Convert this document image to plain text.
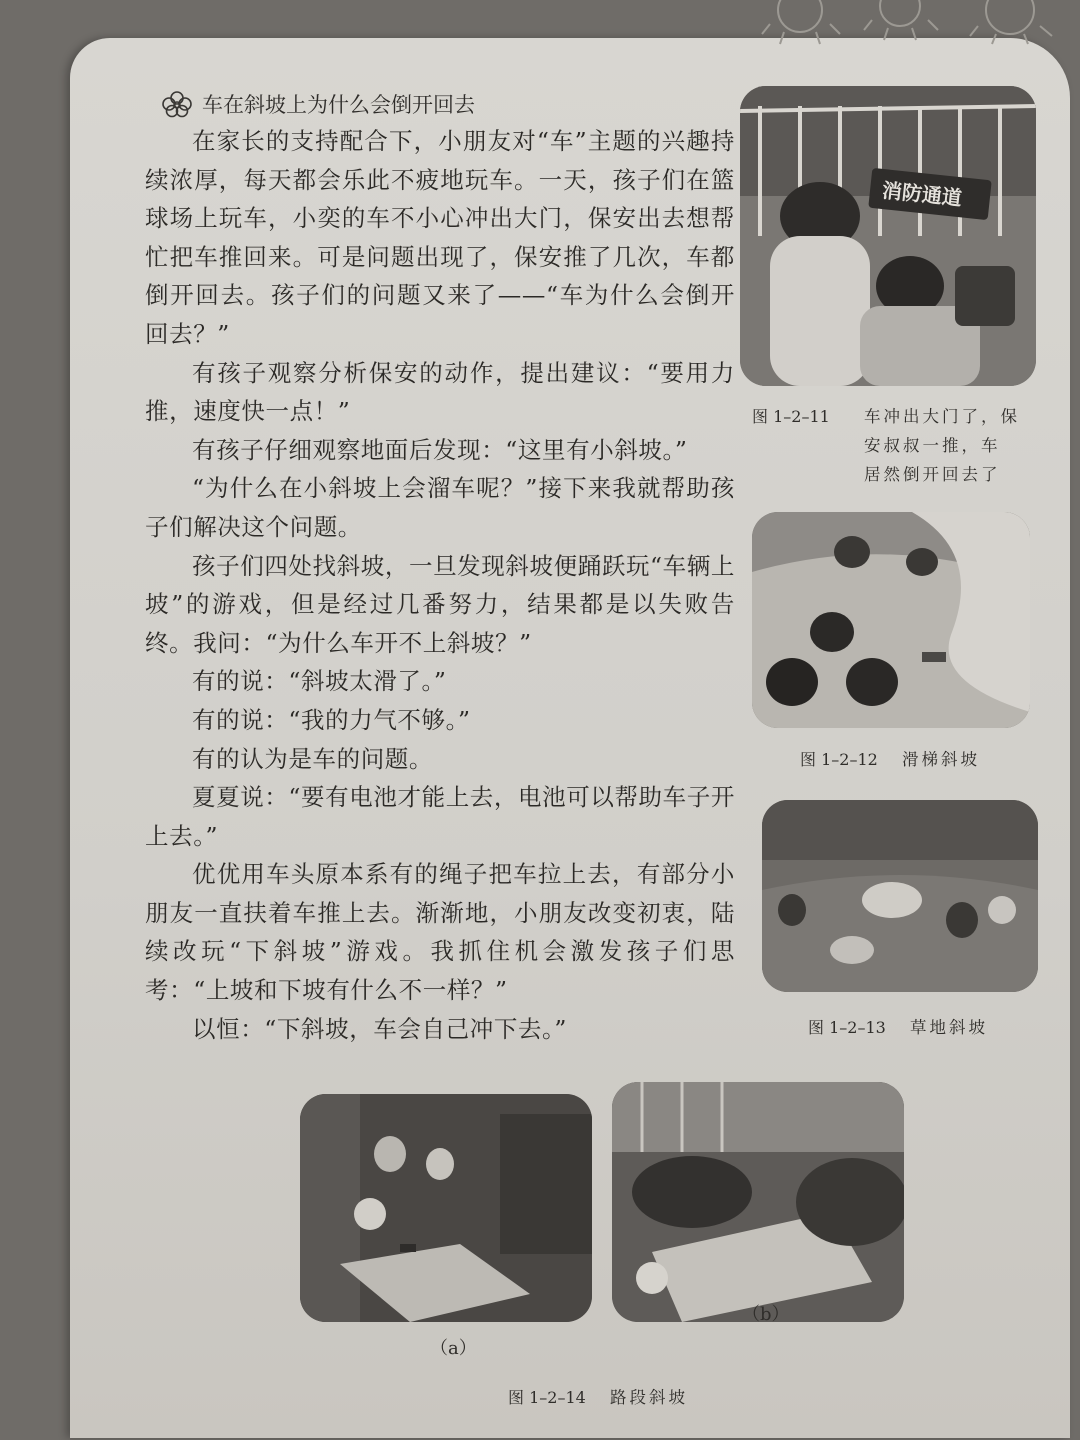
车在斜坡上为什么会倒开回去

在家长的支持配合下，小朋友对“车”主题的兴趣持续浓厚，每天都会乐此不疲地玩车。一天，孩子们在篮球场上玩车，小奕的车不小心冲出大门，保安出去想帮忙把车推回来。可是问题出现了，保安推了几次，车都倒开回去。孩子们的问题又来了——“车为什么会倒开回去？”

有孩子观察分析保安的动作，提出建议：“要用力推，速度快一点！”

有孩子仔细观察地面后发现：“这里有小斜坡。”

“为什么在小斜坡上会溜车呢？”接下来我就帮助孩子们解决这个问题。

孩子们四处找斜坡，一旦发现斜坡便踊跃玩“车辆上坡”的游戏，但是经过几番努力，结果都是以失败告终。我问：“为什么车开不上斜坡？”

有的说：“斜坡太滑了。”

有的说：“我的力气不够。”

有的认为是车的问题。

夏夏说：“要有电池才能上去，电池可以帮助车子开上去。”

优优用车头原本系有的绳子把车拉上去，有部分小朋友一直扶着车推上去。渐渐地，小朋友改变初衷，陆续改玩“下斜坡”游戏。我抓住机会激发孩子们思考：“上坡和下坡有什么不一样？”

以恒：“下斜坡，车会自己冲下去。”

消防通道
图 1–2–11 车冲出大门了，保
安叔叔一推，车
居然倒开回去了
图 1–2–12 滑梯斜坡
图 1–2–13 草地斜坡
（a）
（b）
图 1–2–14 路段斜坡
